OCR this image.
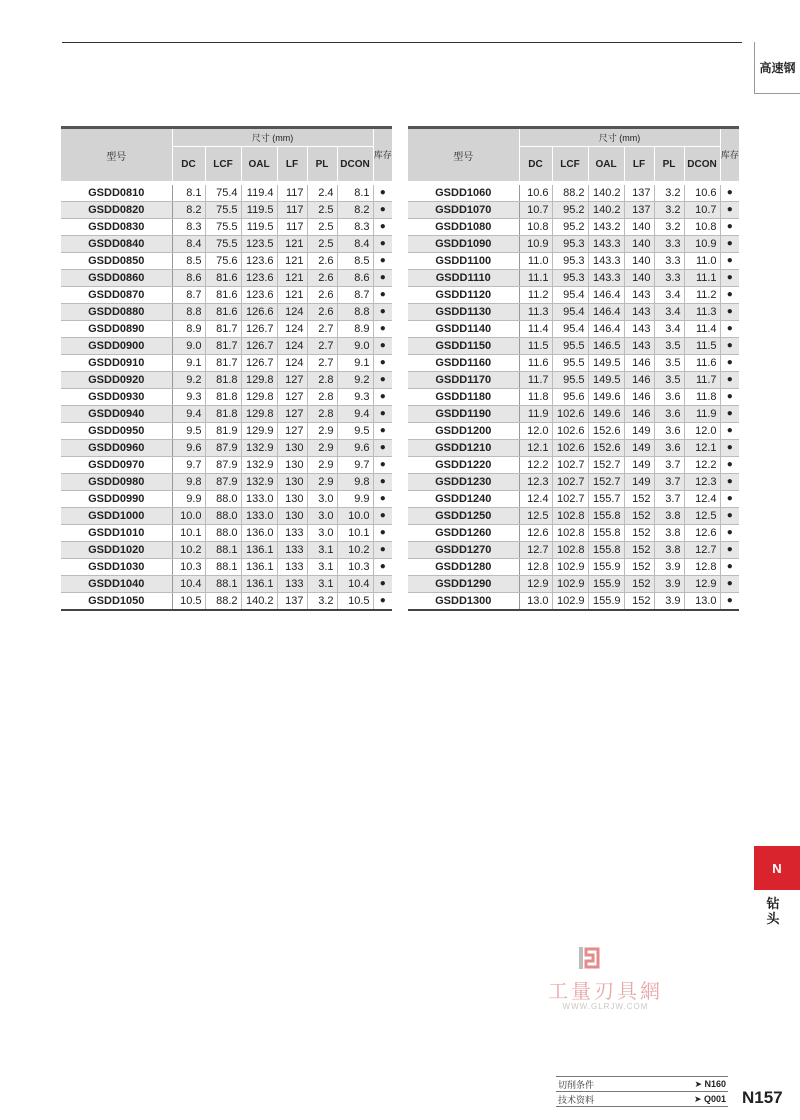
高速钢
型号	尺寸 (mm)						库存
	DC	LCF	OAL	LF	PL	DCON	

GSDD0810	8.1	75.4	119.4	117	2.4	8.1	●
GSDD0820	8.2	75.5	119.5	117	2.5	8.2	●
GSDD0830	8.3	75.5	119.5	117	2.5	8.3	●
GSDD0840	8.4	75.5	123.5	121	2.5	8.4	●
GSDD0850	8.5	75.6	123.6	121	2.6	8.5	●
GSDD0860	8.6	81.6	123.6	121	2.6	8.6	●
GSDD0870	8.7	81.6	123.6	121	2.6	8.7	●
GSDD0880	8.8	81.6	126.6	124	2.6	8.8	●
GSDD0890	8.9	81.7	126.7	124	2.7	8.9	●
GSDD0900	9.0	81.7	126.7	124	2.7	9.0	●
GSDD0910	9.1	81.7	126.7	124	2.7	9.1	●
GSDD0920	9.2	81.8	129.8	127	2.8	9.2	●
GSDD0930	9.3	81.8	129.8	127	2.8	9.3	●
GSDD0940	9.4	81.8	129.8	127	2.8	9.4	●
GSDD0950	9.5	81.9	129.9	127	2.9	9.5	●
GSDD0960	9.6	87.9	132.9	130	2.9	9.6	●
GSDD0970	9.7	87.9	132.9	130	2.9	9.7	●
GSDD0980	9.8	87.9	132.9	130	2.9	9.8	●
GSDD0990	9.9	88.0	133.0	130	3.0	9.9	●
GSDD1000	10.0	88.0	133.0	130	3.0	10.0	●
GSDD1010	10.1	88.0	136.0	133	3.0	10.1	●
GSDD1020	10.2	88.1	136.1	133	3.1	10.2	●
GSDD1030	10.3	88.1	136.1	133	3.1	10.3	●
GSDD1040	10.4	88.1	136.1	133	3.1	10.4	●
GSDD1050	10.5	88.2	140.2	137	3.2	10.5	●
型号	尺寸 (mm)						库存
	DC	LCF	OAL	LF	PL	DCON	

GSDD1060	10.6	88.2	140.2	137	3.2	10.6	●
GSDD1070	10.7	95.2	140.2	137	3.2	10.7	●
GSDD1080	10.8	95.2	143.2	140	3.2	10.8	●
GSDD1090	10.9	95.3	143.3	140	3.3	10.9	●
GSDD1100	11.0	95.3	143.3	140	3.3	11.0	●
GSDD1110	11.1	95.3	143.3	140	3.3	11.1	●
GSDD1120	11.2	95.4	146.4	143	3.4	11.2	●
GSDD1130	11.3	95.4	146.4	143	3.4	11.3	●
GSDD1140	11.4	95.4	146.4	143	3.4	11.4	●
GSDD1150	11.5	95.5	146.5	143	3.5	11.5	●
GSDD1160	11.6	95.5	149.5	146	3.5	11.6	●
GSDD1170	11.7	95.5	149.5	146	3.5	11.7	●
GSDD1180	11.8	95.6	149.6	146	3.6	11.8	●
GSDD1190	11.9	102.6	149.6	146	3.6	11.9	●
GSDD1200	12.0	102.6	152.6	149	3.6	12.0	●
GSDD1210	12.1	102.6	152.6	149	3.6	12.1	●
GSDD1220	12.2	102.7	152.7	149	3.7	12.2	●
GSDD1230	12.3	102.7	152.7	149	3.7	12.3	●
GSDD1240	12.4	102.7	155.7	152	3.7	12.4	●
GSDD1250	12.5	102.8	155.8	152	3.8	12.5	●
GSDD1260	12.6	102.8	155.8	152	3.8	12.6	●
GSDD1270	12.7	102.8	155.8	152	3.8	12.7	●
GSDD1280	12.8	102.9	155.9	152	3.9	12.8	●
GSDD1290	12.9	102.9	155.9	152	3.9	12.9	●
GSDD1300	13.0	102.9	155.9	152	3.9	13.0	●
N
钻头
工量刃具網
WWW.GLRJW.COM
切削条件	➤ N160
技术资料	➤ Q001 N157
